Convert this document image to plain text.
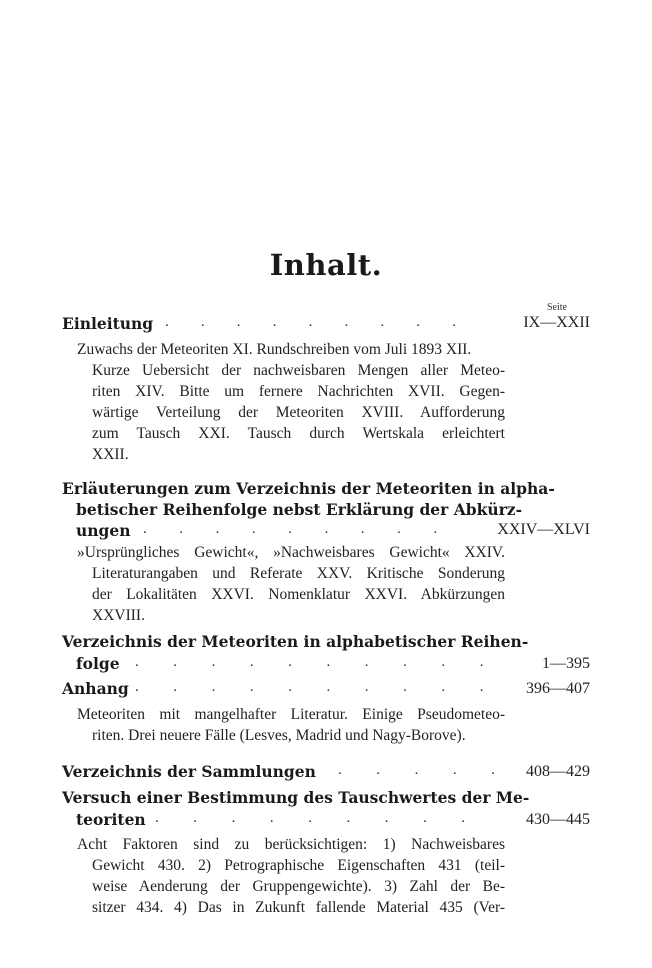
Inhalt.
Seite
Einleitung . . . . . . . . .	IX—XXII
Zuwachs der Meteoriten XI. Rundschreiben vom Juli 1893 XII.
Kurze Uebersicht der nachweisbaren Mengen aller Meteo-
riten XIV. Bitte um fernere Nachrichten XVII. Gegen-
wärtige Verteilung der Meteoriten XVIII. Aufforderung
zum Tausch XXI. Tausch durch Wertskala erleichtert
XXII.
Erläuterungen zum Verzeichnis der Meteoriten in alpha-
betischer Reihenfolge nebst Erklärung der Abkürz-
ungen . . . . . . . . .	XXIV—XLVI
»Ursprüngliches Gewicht«, »Nachweisbares Gewicht« XXIV.
Literaturangaben und Referate XXV. Kritische Sonderung
der Lokalitäten XXVI. Nomenklatur XXVI. Abkürzungen
XXVIII.
Verzeichnis der Meteoriten in alphabetischer Reihen-
folge . . . . . . . . . .	1—395
Anhang . . . . . . . . . .	396—407
Meteoriten mit mangelhafter Literatur. Einige Pseudometeo-
riten. Drei neuere Fälle (Lesves, Madrid und Nagy-Borove).
Verzeichnis der Sammlungen . . . . . 408—429
Versuch einer Bestimmung des Tauschwertes der Me-
teoriten . . . . . . . . .	430—445
Acht Faktoren sind zu berücksichtigen: 1) Nachweisbares
Gewicht 430. 2) Petrographische Eigenschaften 431 (teil-
weise Aenderung der Gruppengewichte). 3) Zahl der Be-
sitzer 434. 4) Das in Zukunft fallende Material 435 (Ver-
